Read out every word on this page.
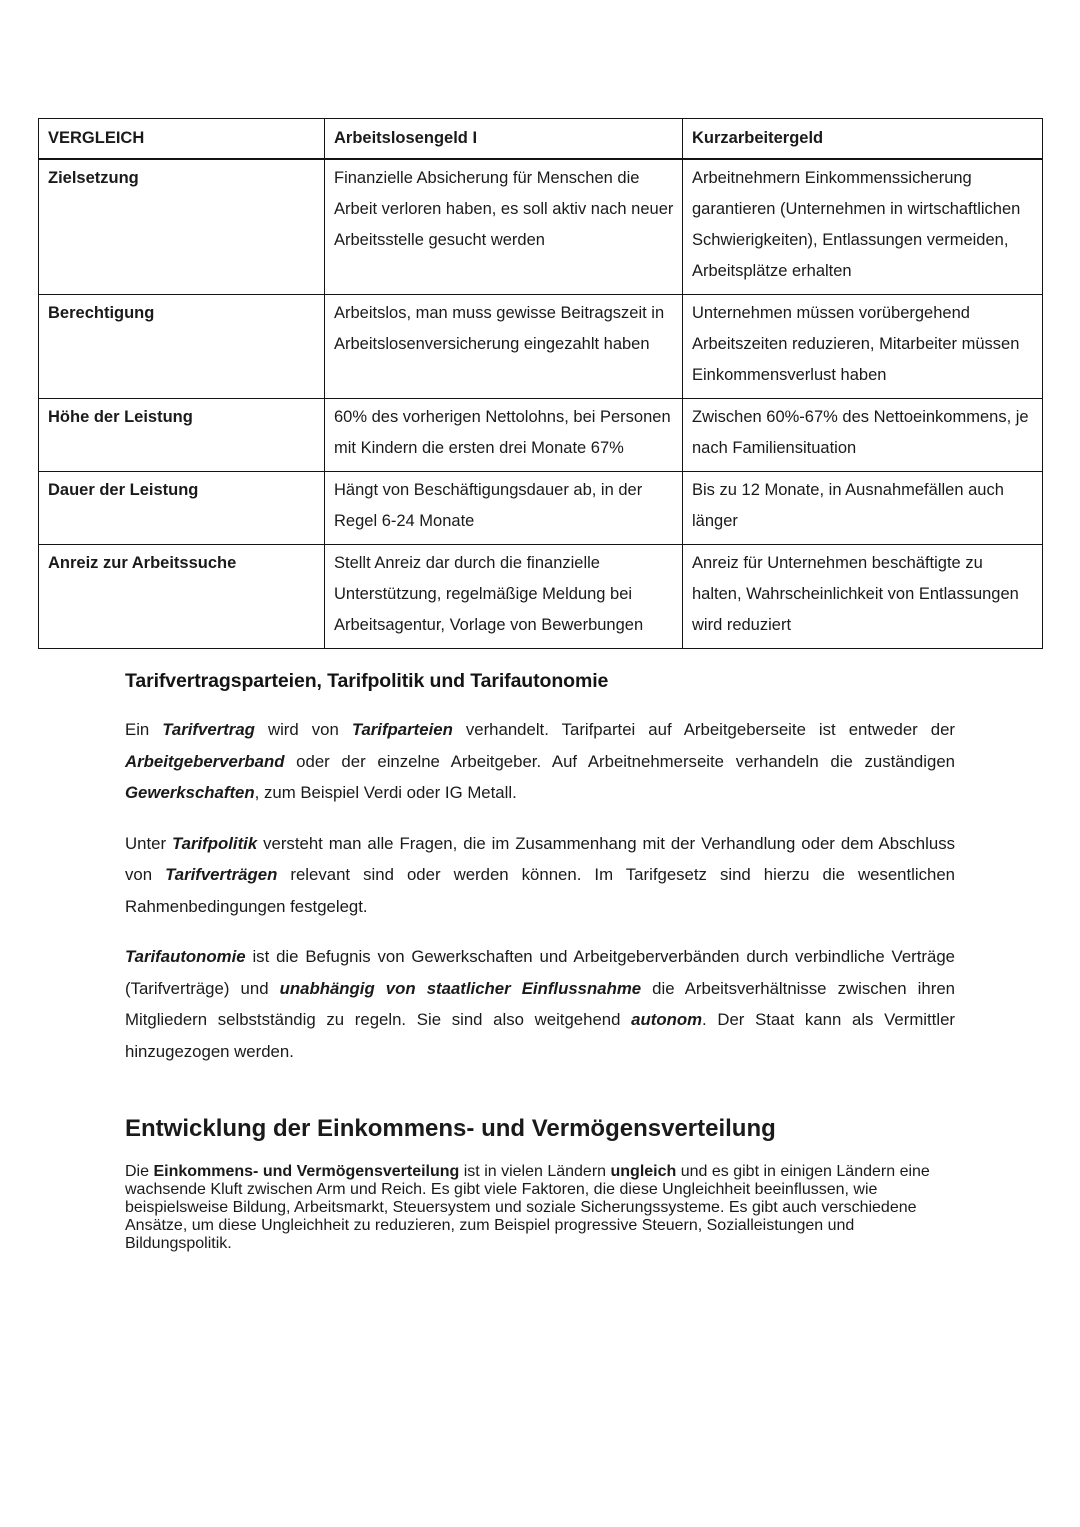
VERGLEICH	Arbeitslosengeld I	Kurzarbeitergeld
Zielsetzung	Finanzielle Absicherung für Menschen die Arbeit verloren haben, es soll aktiv nach neuer Arbeitsstelle gesucht werden	Arbeitnehmern Einkommenssicherung garantieren (Unternehmen in wirtschaftlichen Schwierigkeiten), Entlassungen vermeiden, Arbeitsplätze erhalten
Berechtigung	Arbeitslos, man muss gewisse Beitragszeit in Arbeitslosenversicherung eingezahlt haben	Unternehmen müssen vorübergehend Arbeitszeiten reduzieren, Mitarbeiter müssen Einkommensverlust haben
Höhe der Leistung	60% des vorherigen Nettolohns, bei Personen mit Kindern die ersten drei Monate 67%	Zwischen 60%-67% des Nettoeinkommens, je nach Familiensituation
Dauer der Leistung	Hängt von Beschäftigungsdauer ab, in der Regel 6-24 Monate	Bis zu 12 Monate, in Ausnahmefällen auch länger
Anreiz zur Arbeitssuche	Stellt Anreiz dar durch die finanzielle Unterstützung, regelmäßige Meldung bei Arbeitsagentur, Vorlage von Bewerbungen	Anreiz für Unternehmen beschäftigte zu halten, Wahrscheinlichkeit von Entlassungen wird reduziert
Tarifvertragsparteien, Tarifpolitik und Tarifautonomie

Ein Tarifvertrag wird von Tarifparteien verhandelt. Tarifpartei auf Arbeitgeberseite ist entweder der Arbeitgeberverband oder der einzelne Arbeitgeber. Auf Arbeitnehmerseite verhandeln die zuständigen Gewerkschaften, zum Beispiel Verdi oder IG Metall.

Unter Tarifpolitik versteht man alle Fragen, die im Zusammenhang mit der Verhandlung oder dem Abschluss von Tarifverträgen relevant sind oder werden können. Im Tarifgesetz sind hierzu die wesentlichen Rahmenbedingungen festgelegt.

Tarifautonomie ist die Befugnis von Gewerkschaften und Arbeitgeberverbänden durch verbindliche Verträge (Tarifverträge) und unabhängig von staatlicher Einflussnahme die Arbeitsverhältnisse zwischen ihren Mitgliedern selbstständig zu regeln. Sie sind also weitgehend autonom. Der Staat kann als Vermittler hinzugezogen werden.

Entwicklung der Einkommens- und Vermögensverteilung

Die Einkommens- und Vermögensverteilung ist in vielen Ländern ungleich und es gibt in einigen Ländern eine wachsende Kluft zwischen Arm und Reich. Es gibt viele Faktoren, die diese Ungleichheit beeinflussen, wie beispielsweise Bildung, Arbeitsmarkt, Steuersystem und soziale Sicherungssysteme. Es gibt auch verschiedene Ansätze, um diese Ungleichheit zu reduzieren, zum Beispiel progressive Steuern, Sozialleistungen und Bildungspolitik.
